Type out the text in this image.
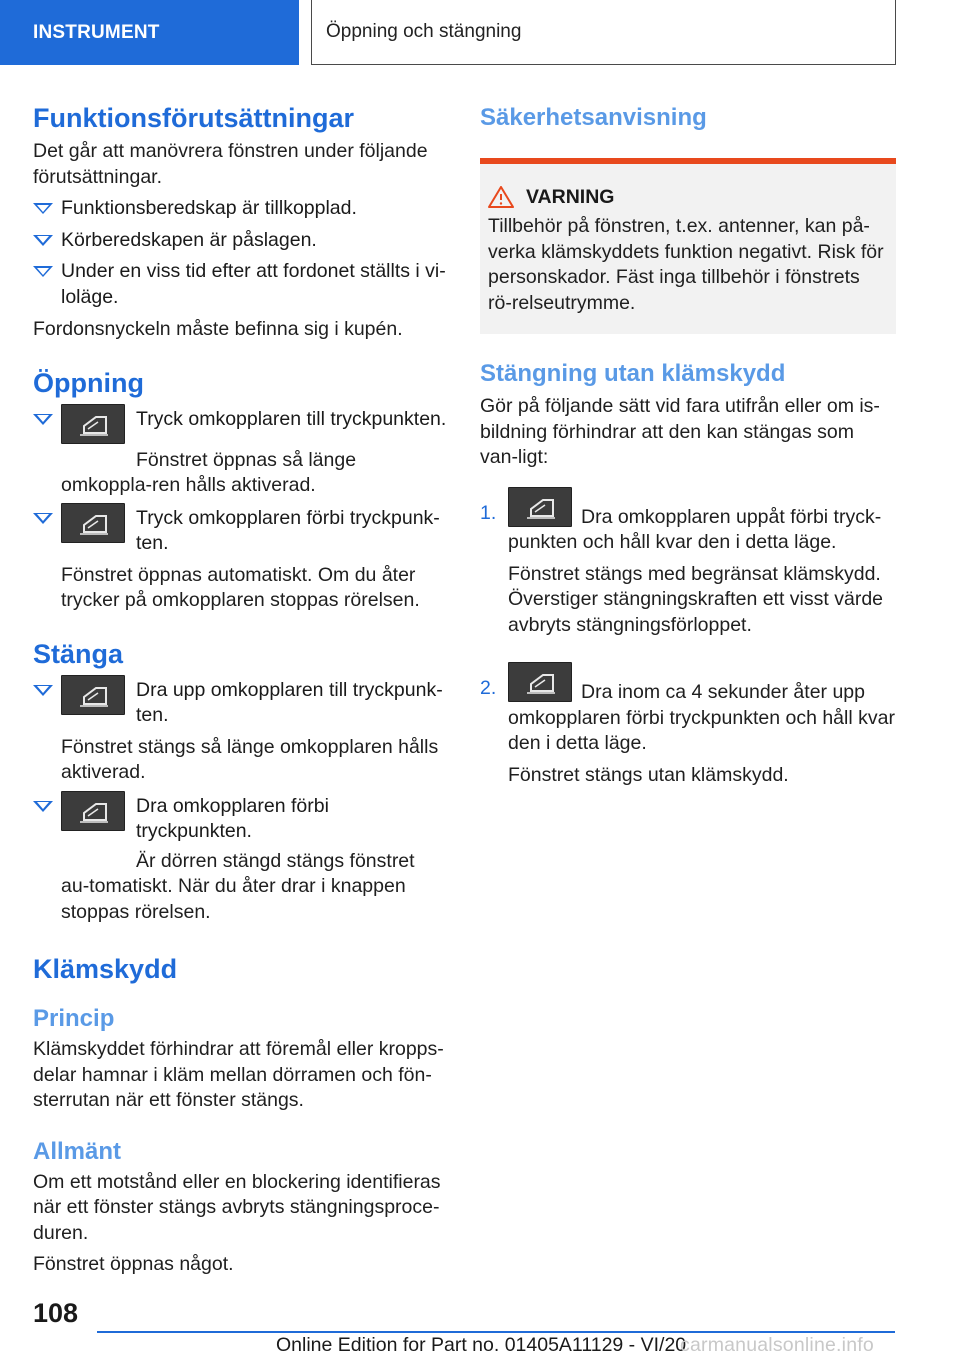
INSTRUMENT	Öppning och stängning
Funktionsförutsättningar

Det går att manövrera fönstren under följande förutsättningar.

Funktionsberedskap är tillkopplad.
Körberedskapen är påslagen.
Under en viss tid efter att fordonet ställts i vi-loläge.

Fordonsnyckeln måste befinna sig i kupén.

Öppning
Tryck omkopplaren till tryckpunkten.

Fönstret öppnas så länge omkoppla-ren hålls aktiverad.

Tryck omkopplaren förbi tryckpunk-ten.

Fönstret öppnas automatiskt. Om du åter trycker på omkopplaren stoppas rörelsen.

Stänga
Dra upp omkopplaren till tryckpunk-ten.

Fönstret stängs så länge omkopplaren hålls aktiverad.

Dra omkopplaren förbi tryckpunkten.

Är dörren stängd stängs fönstret au-tomatiskt. När du åter drar i knappen stoppas rörelsen.

Klämskydd
Princip

Klämskyddet förhindrar att föremål eller kropps-delar hamnar i kläm mellan dörramen och fön-sterrutan när ett fönster stängs.

Allmänt

Om ett motstånd eller en blockering identifieras när ett fönster stängs avbryts stängningsproce-duren.

Fönstret öppnas något.

Säkerhetsanvisning
VARNING

Tillbehör på fönstren, t.ex. antenner, kan på-verka klämskyddets funktion negativt. Risk för personskador. Fäst inga tillbehör i fönstrets rö-relseutrymme.

Stängning utan klämskydd

Gör på följande sätt vid fara utifrån eller om is-bildning förhindrar att den kan stängas som van-ligt:

1.	Dra omkopplaren uppåt förbi tryck-punkten och håll kvar den i detta läge.

Fönstret stängs med begränsat klämskydd. Överstiger stängningskraften ett visst värde avbryts stängningsförloppet.

2.	Dra inom ca 4 sekunder åter upp omkopplaren förbi tryckpunkten och håll kvar den i detta läge.

Fönstret stängs utan klämskydd.

108
Online Edition for Part no. 01405A11129 - VI/20
carmanualsonline.info
